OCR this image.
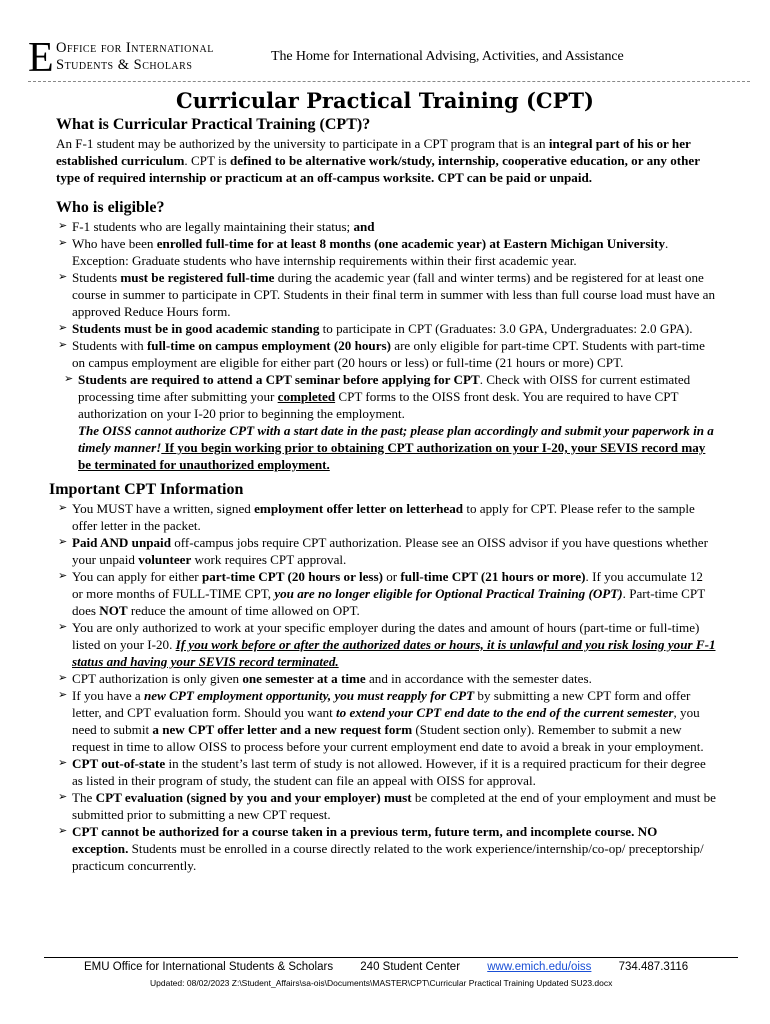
E Office for International
Students & Scholars
The Home for International Advising, Activities, and Assistance
Curricular Practical Training (CPT)
What is Curricular Practical Training (CPT)?

An F-1 student may be authorized by the university to participate in a CPT program that is an integral part of his or her established curriculum. CPT is defined to be alternative work/study, internship, cooperative education, or any other type of required internship or practicum at an off-campus worksite. CPT can be paid or unpaid.

Who is eligible?
➢ F-1 students who are legally maintaining their status; and
➢ Who have been enrolled full-time for at least 8 months (one academic year) at Eastern Michigan University. Exception: Graduate students who have internship requirements within their first academic year.
➢ Students must be registered full-time during the academic year (fall and winter terms) and be registered for at least one course in summer to participate in CPT. Students in their final term in summer with less than full course load must have an approved Reduce Hours form.
➢ Students must be in good academic standing to participate in CPT (Graduates: 3.0 GPA, Undergraduates: 2.0 GPA).
➢ Students with full-time on campus employment (20 hours) are only eligible for part-time CPT. Students with part-time on campus employment are eligible for either part (20 hours or less) or full-time (21 hours or more) CPT.
➢ Students are required to attend a CPT seminar before applying for CPT. Check with OISS for current estimated processing time after submitting your completed CPT forms to the OISS front desk. You are required to have CPT authorization on your I-20 prior to beginning the employment.

The OISS cannot authorize CPT with a start date in the past; please plan accordingly and submit your paperwork in a timely manner! If you begin working prior to obtaining CPT authorization on your I-20, your SEVIS record may be terminated for unauthorized employment.

Important CPT Information
➢ You MUST have a written, signed employment offer letter on letterhead to apply for CPT. Please refer to the sample offer letter in the packet.
➢ Paid AND unpaid off-campus jobs require CPT authorization. Please see an OISS advisor if you have questions whether your unpaid volunteer work requires CPT approval.
➢ You can apply for either part-time CPT (20 hours or less) or full-time CPT (21 hours or more). If you accumulate 12 or more months of FULL-TIME CPT, you are no longer eligible for Optional Practical Training (OPT). Part-time CPT does NOT reduce the amount of time allowed on OPT.
➢ You are only authorized to work at your specific employer during the dates and amount of hours (part-time or full-time) listed on your I-20. If you work before or after the authorized dates or hours, it is unlawful and you risk losing your F-1 status and having your SEVIS record terminated.
➢ CPT authorization is only given one semester at a time and in accordance with the semester dates.
➢ If you have a new CPT employment opportunity, you must reapply for CPT by submitting a new CPT form and offer letter, and CPT evaluation form. Should you want to extend your CPT end date to the end of the current semester, you need to submit a new CPT offer letter and a new request form (Student section only). Remember to submit a new request in time to allow OISS to process before your current employment end date to avoid a break in your employment.
➢ CPT out-of-state in the student’s last term of study is not allowed. However, if it is a required practicum for their degree as listed in their program of study, the student can file an appeal with OISS for approval.
➢ The CPT evaluation (signed by you and your employer) must be completed at the end of your employment and must be submitted prior to submitting a new CPT request.
➢ CPT cannot be authorized for a course taken in a previous term, future term, and incomplete course. NO exception. Students must be enrolled in a course directly related to the work experience/internship/co-op/ preceptorship/ practicum concurrently.
EMU Office for International Students & Scholars 240 Student Center www.emich.edu/oiss 734.487.3116
Updated: 08/02/2023 Z:\Student_Affairs\sa-ois\Documents\MASTER\CPT\Curricular Practical Training Updated SU23.docx
